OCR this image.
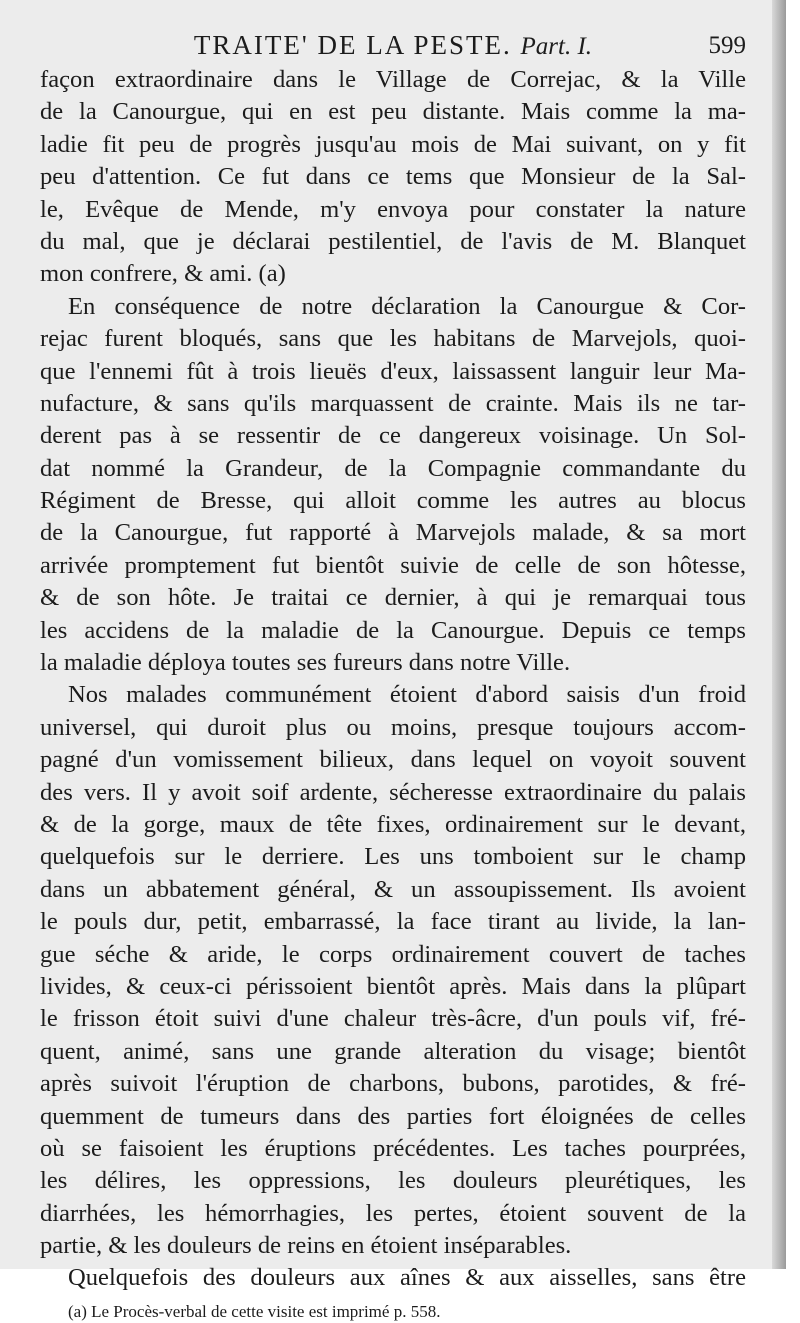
TRAITE' DE LA PESTE. Part. I.	599
façon extraordinaire dans le Village de Correjac, & la Ville
de la Canourgue, qui en est peu distante. Mais comme la ma-
ladie fit peu de progrès jusqu'au mois de Mai suivant, on y fit
peu d'attention. Ce fut dans ce tems que Monsieur de la Sal-
le, Evêque de Mende, m'y envoya pour constater la nature
du mal, que je déclarai pestilentiel, de l'avis de M. Blanquet
mon confrere, & ami. (a)
En conséquence de notre déclaration la Canourgue & Cor-
rejac furent bloqués, sans que les habitans de Marvejols, quoi-
que l'ennemi fût à trois lieuës d'eux, laissassent languir leur Ma-
nufacture, & sans qu'ils marquassent de crainte. Mais ils ne tar-
derent pas à se ressentir de ce dangereux voisinage. Un Sol-
dat nommé la Grandeur, de la Compagnie commandante du
Régiment de Bresse, qui alloit comme les autres au blocus
de la Canourgue, fut rapporté à Marvejols malade, & sa mort
arrivée promptement fut bientôt suivie de celle de son hôtesse,
& de son hôte. Je traitai ce dernier, à qui je remarquai tous
les accidens de la maladie de la Canourgue. Depuis ce temps
la maladie déploya toutes ses fureurs dans notre Ville.
Nos malades communément étoient d'abord saisis d'un froid
universel, qui duroit plus ou moins, presque toujours accom-
pagné d'un vomissement bilieux, dans lequel on voyoit souvent
des vers. Il y avoit soif ardente, sécheresse extraordinaire du palais
& de la gorge, maux de tête fixes, ordinairement sur le devant,
quelquefois sur le derriere. Les uns tomboient sur le champ
dans un abbatement général, & un assoupissement. Ils avoient
le pouls dur, petit, embarrassé, la face tirant au livide, la lan-
gue séche & aride, le corps ordinairement couvert de taches
livides, & ceux-ci périssoient bientôt après. Mais dans la plûpart
le frisson étoit suivi d'une chaleur très-âcre, d'un pouls vif, fré-
quent, animé, sans une grande alteration du visage; bientôt
après suivoit l'éruption de charbons, bubons, parotides, & fré-
quemment de tumeurs dans des parties fort éloignées de celles
où se faisoient les éruptions précédentes. Les taches pourprées,
les délires, les oppressions, les douleurs pleurétiques, les
diarrhées, les hémorrhagies, les pertes, étoient souvent de la
partie, & les douleurs de reins en étoient inséparables.
Quelquefois des douleurs aux aînes & aux aisselles, sans être
(a) Le Procès-verbal de cette visite est imprimé p. 558.
